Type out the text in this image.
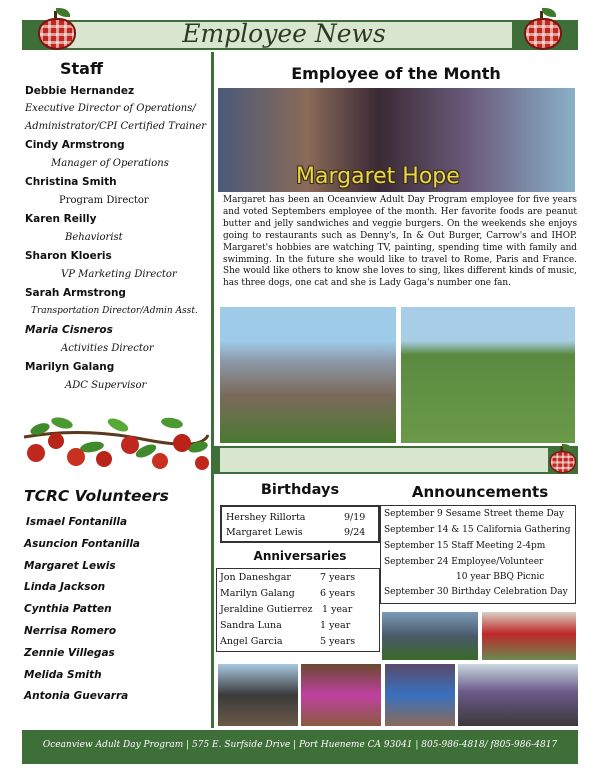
Employee News
Staff
Debbie Hernandez
Executive Director of Operations/ Administrator/CPI Certified Trainer
Cindy Armstrong
Manager of Operations
Christina Smith
Program Director
Karen Reilly
Behaviorist
Sharon Kloeris
VP Marketing Director
Sarah Armstrong
Transportation Director/Admin Asst.
Maria Cisneros
Activities Director
Marilyn Galang
ADC Supervisor
Employee of the Month
Margaret Hope
Margaret has been an Oceanview Adult Day Program employee for five years and voted Septembers employee of the month. Her favorite foods are peanut butter and jelly sandwiches and veggie burgers. On the weekends she enjoys going to restaurants such as Denny's, In & Out Burger, Carrow's and IHOP. Margaret's hobbies are watching TV, painting, spending time with family and swimming. In the future she would like to travel to Rome, Paris and France. She would like others to know she loves to sing, likes different kinds of music, has three dogs, one cat and she is Lady Gaga's number one fan.
TCRC Volunteers
Ismael Fontanilla
Asuncion Fontanilla
Margaret Lewis
Linda Jackson
Cynthia Patten
Nerrisa Romero
Zennie Villegas
Melida Smith
Antonia Guevarra
Birthdays
Hershey Rillorta	9/19
Margaret Lewis	9/24
Anniversaries
Jon Daneshgar	7 years
Marilyn Galang	6 years
Jeraldine Gutierrez 1 year
Sandra Luna	1 year
Angel Garcia	5 years
Announcements
September 9 Sesame Street theme Day
September 14 & 15 California Gathering
September 15 Staff Meeting 2-4pm
September 24 Employee/Volunteer
10 year BBQ Picnic
September 30 Birthday Celebration Day
Oceanview Adult Day Program | 575 E. Surfside Drive | Port Hueneme CA 93041 | 805-986-4818/ f805-986-4817
